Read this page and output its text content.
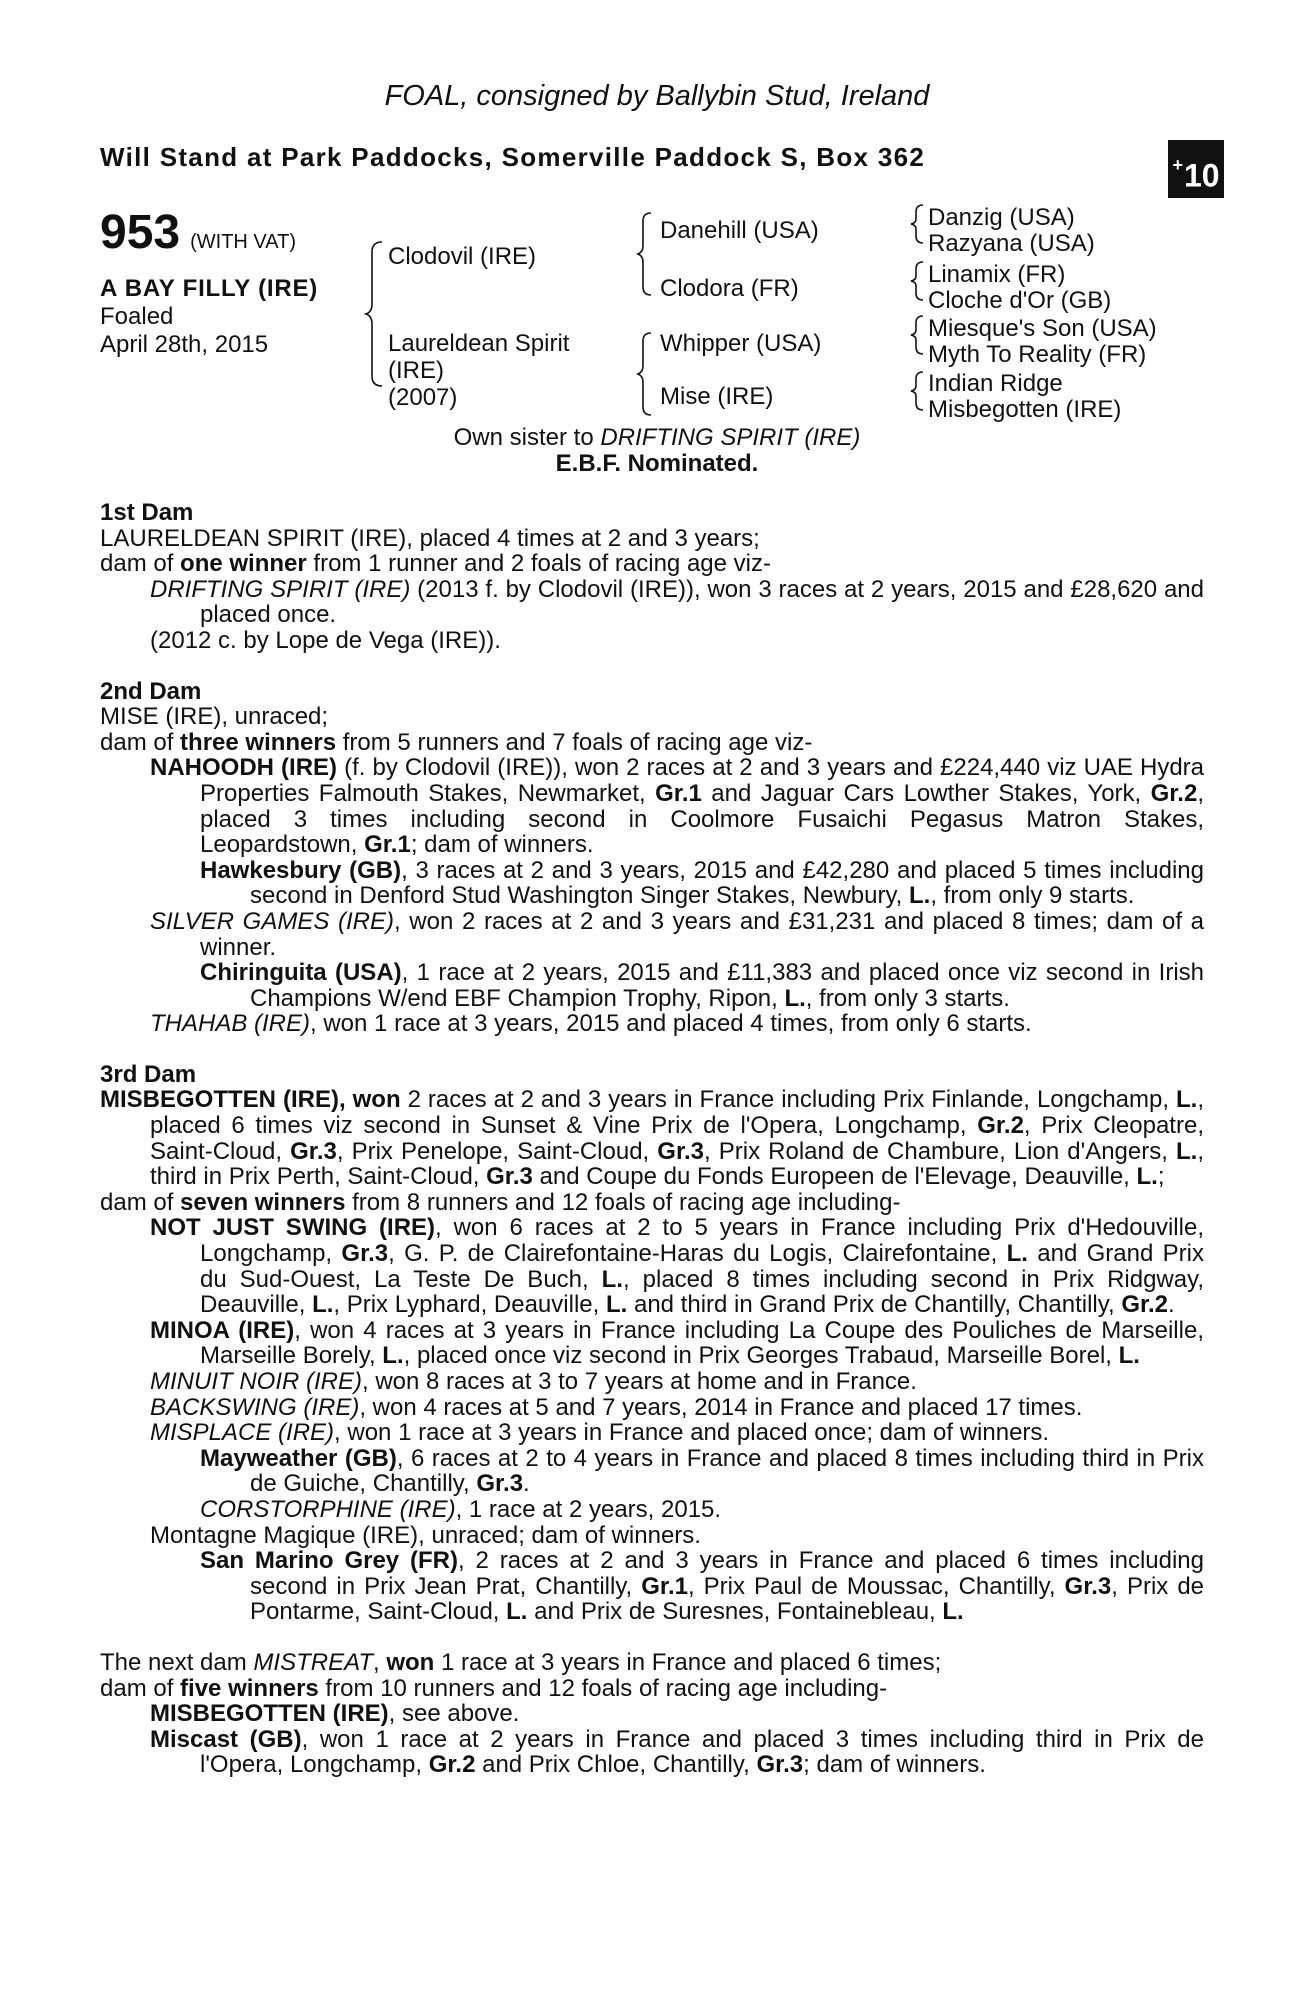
FOAL, consigned by Ballybin Stud, Ireland
Will Stand at Park Paddocks, Somerville Paddock S, Box 362	+10
953 (WITH VAT)
A BAY FILLY (IRE)
Foaled
April 28th, 2015
Clodovil (IRE)
Laureldean Spirit
(IRE)
(2007)
Danehill (USA)
Clodora (FR)
Whipper (USA)
Mise (IRE)
Danzig (USA)
Razyana (USA)
Linamix (FR)
Cloche d'Or (GB)
Miesque's Son (USA)
Myth To Reality (FR)
Indian Ridge
Misbegotten (IRE)
Own sister to DRIFTING SPIRIT (IRE)
E.B.F. Nominated.

1st Dam

LAURELDEAN SPIRIT (IRE), placed 4 times at 2 and 3 years;

dam of one winner from 1 runner and 2 foals of racing age viz-

DRIFTING SPIRIT (IRE) (2013 f. by Clodovil (IRE)), won 3 races at 2 years, 2015 and £28,620 and placed once.

(2012 c. by Lope de Vega (IRE)).

2nd Dam

MISE (IRE), unraced;

dam of three winners from 5 runners and 7 foals of racing age viz-

NAHOODH (IRE) (f. by Clodovil (IRE)), won 2 races at 2 and 3 years and £224,440 viz UAE Hydra Properties Falmouth Stakes, Newmarket, Gr.1 and Jaguar Cars Lowther Stakes, York, Gr.2, placed 3 times including second in Coolmore Fusaichi Pegasus Matron Stakes, Leopardstown, Gr.1; dam of winners.

Hawkesbury (GB), 3 races at 2 and 3 years, 2015 and £42,280 and placed 5 times including second in Denford Stud Washington Singer Stakes, Newbury, L., from only 9 starts.

SILVER GAMES (IRE), won 2 races at 2 and 3 years and £31,231 and placed 8 times; dam of a winner.

Chiringuita (USA), 1 race at 2 years, 2015 and £11,383 and placed once viz second in Irish Champions W/end EBF Champion Trophy, Ripon, L., from only 3 starts.

THAHAB (IRE), won 1 race at 3 years, 2015 and placed 4 times, from only 6 starts.

3rd Dam

MISBEGOTTEN (IRE), won 2 races at 2 and 3 years in France including Prix Finlande, Longchamp, L., placed 6 times viz second in Sunset & Vine Prix de l'Opera, Longchamp, Gr.2, Prix Cleopatre, Saint-Cloud, Gr.3, Prix Penelope, Saint-Cloud, Gr.3, Prix Roland de Chambure, Lion d'Angers, L., third in Prix Perth, Saint-Cloud, Gr.3 and Coupe du Fonds Europeen de l'Elevage, Deauville, L.;

dam of seven winners from 8 runners and 12 foals of racing age including-

NOT JUST SWING (IRE), won 6 races at 2 to 5 years in France including Prix d'Hedouville, Longchamp, Gr.3, G. P. de Clairefontaine-Haras du Logis, Clairefontaine, L. and Grand Prix du Sud-Ouest, La Teste De Buch, L., placed 8 times including second in Prix Ridgway, Deauville, L., Prix Lyphard, Deauville, L. and third in Grand Prix de Chantilly, Chantilly, Gr.2.

MINOA (IRE), won 4 races at 3 years in France including La Coupe des Pouliches de Marseille, Marseille Borely, L., placed once viz second in Prix Georges Trabaud, Marseille Borel, L.

MINUIT NOIR (IRE), won 8 races at 3 to 7 years at home and in France.

BACKSWING (IRE), won 4 races at 5 and 7 years, 2014 in France and placed 17 times.

MISPLACE (IRE), won 1 race at 3 years in France and placed once; dam of winners.

Mayweather (GB), 6 races at 2 to 4 years in France and placed 8 times including third in Prix de Guiche, Chantilly, Gr.3.

CORSTORPHINE (IRE), 1 race at 2 years, 2015.

Montagne Magique (IRE), unraced; dam of winners.

San Marino Grey (FR), 2 races at 2 and 3 years in France and placed 6 times including second in Prix Jean Prat, Chantilly, Gr.1, Prix Paul de Moussac, Chantilly, Gr.3, Prix de Pontarme, Saint-Cloud, L. and Prix de Suresnes, Fontainebleau, L.

The next dam MISTREAT, won 1 race at 3 years in France and placed 6 times;

dam of five winners from 10 runners and 12 foals of racing age including-

MISBEGOTTEN (IRE), see above.

Miscast (GB), won 1 race at 2 years in France and placed 3 times including third in Prix de l'Opera, Longchamp, Gr.2 and Prix Chloe, Chantilly, Gr.3; dam of winners.
